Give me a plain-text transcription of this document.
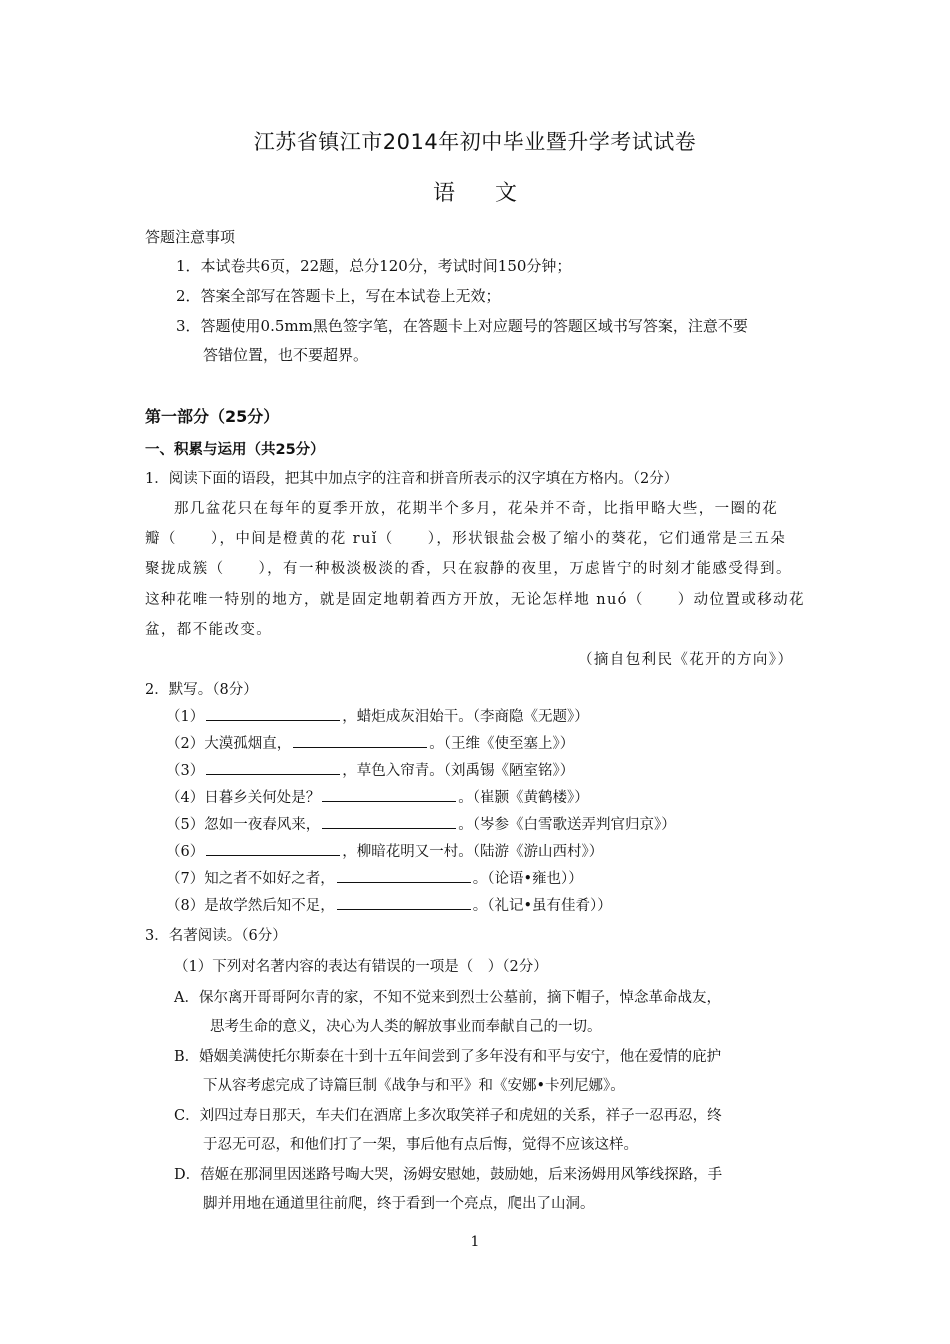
江苏省镇江市2014年初中毕业暨升学考试试卷
语文
答题注意事项
1．本试卷共6页，22题，总分120分，考试时间150分钟；
2．答案全部写在答题卡上，写在本试卷上无效；
3．答题使用0.5mm黑色签字笔，在答题卡上对应题号的答题区域书写答案，注意不要
答错位置，也不要超界。
第一部分（25分）
一、积累与运用（共25分）
1．阅读下面的语段，把其中加点字的注音和拼音所表示的汉字填在方格内。（2分）
那几盆花只在每年的夏季开放，花期半个多月，花朵并不奇，比指甲略大些，一圈的花
瓣（ ），中间是橙黄的花 ruǐ（ ），形状银盐会极了缩小的葵花，它们通常是三五朵
聚拢成簇（ ），有一种极淡极淡的香，只在寂静的夜里，万虑皆宁的时刻才能感受得到。
这种花唯一特别的地方，就是固定地朝着西方开放，无论怎样地 nuó（ ）动位置或移动花
盆，都不能改变。
（摘自包利民《花开的方向》）
2．默写。（8分）
（1）	，蜡炬成灰泪始干。（李商隐《无题》）
（2）大漠孤烟直，	。（王维《使至塞上》）
（3）	，草色入帘青。（刘禹锡《陋室铭》）
（4）日暮乡关何处是？	。（崔颢《黄鹤楼》）
（5）忽如一夜春风来，	。（岑参《白雪歌送弄判官归京》）
（6）	，柳暗花明又一村。（陆游《游山西村》）
（7）知之者不如好之者，	。（论语•雍也））
（8）是故学然后知不足，	。（礼记•虽有佳肴））
3．名著阅读。（6分）
（1）下列对名著内容的表达有错误的一项是（　）（2分）
A．保尔离开哥哥阿尔青的家，不知不觉来到烈士公墓前，摘下帽子，悼念革命战友，
思考生命的意义，决心为人类的解放事业而奉献自己的一切。
B．婚姻美满使托尔斯泰在十到十五年间尝到了多年没有和平与安宁，他在爱情的庇护
下从容考虑完成了诗篇巨制《战争与和平》和《安娜•卡列尼娜》。
C．刘四过寿日那天，车夫们在酒席上多次取笑祥子和虎妞的关系，祥子一忍再忍，终
于忍无可忍，和他们打了一架，事后他有点后悔，觉得不应该这样。
D．蓓姬在那洞里因迷路号啕大哭，汤姆安慰她，鼓励她，后来汤姆用风筝线探路，手
脚并用地在通道里往前爬，终于看到一个亮点，爬出了山洞。
1
